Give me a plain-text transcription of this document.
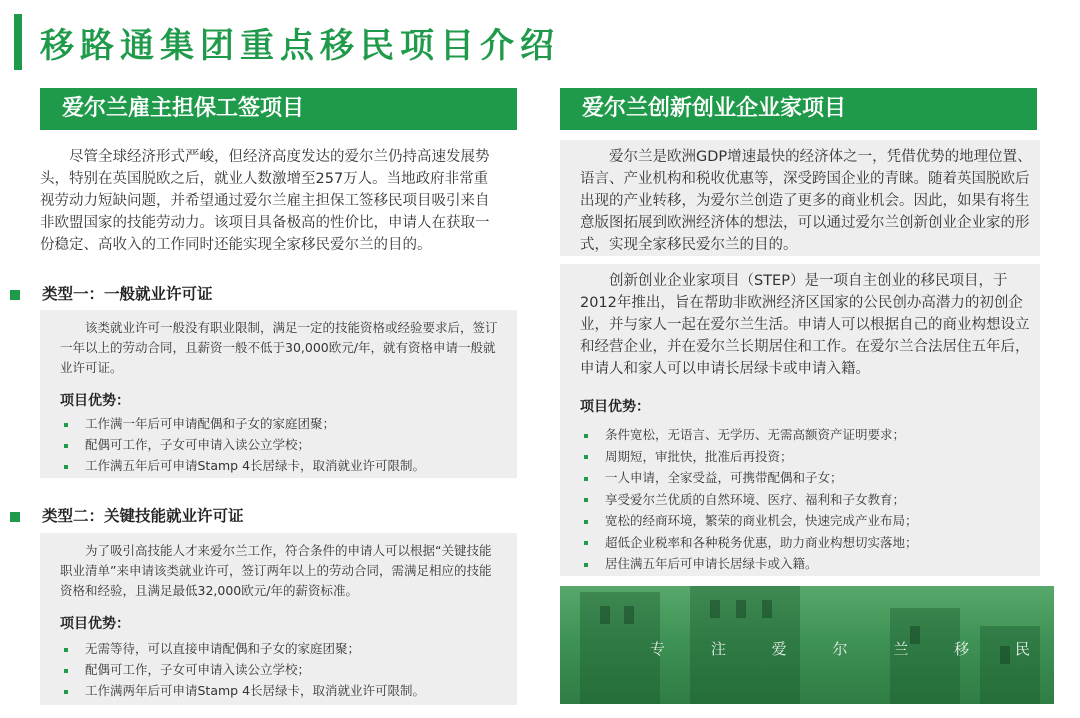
移路通集团重点移民项目介绍
爱尔兰雇主担保工签项目

尽管全球经济形式严峻，但经济高度发达的爱尔兰仍持高速发展势头，特别在英国脱欧之后，就业人数激增至257万人。当地政府非常重视劳动力短缺问题，并希望通过爱尔兰雇主担保工签移民项目吸引来自非欧盟国家的技能劳动力。该项目具备极高的性价比，申请人在获取一份稳定、高收入的工作同时还能实现全家移民爱尔兰的目的。

类型一：一般就业许可证

该类就业许可一般没有职业限制，满足一定的技能资格或经验要求后，签订一年以上的劳动合同，且薪资一般不低于30,000欧元/年，就有资格申请一般就业许可证。

项目优势：
工作满一年后可申请配偶和子女的家庭团聚；
配偶可工作，子女可申请入读公立学校；
工作满五年后可申请Stamp 4长居绿卡，取消就业许可限制。
类型二：关键技能就业许可证

为了吸引高技能人才来爱尔兰工作，符合条件的申请人可以根据“关键技能职业清单”来申请该类就业许可，签订两年以上的劳动合同，需满足相应的技能资格和经验，且满足最低32,000欧元/年的薪资标准。

项目优势：
无需等待，可以直接申请配偶和子女的家庭团聚；
配偶可工作，子女可申请入读公立学校；
工作满两年后可申请Stamp 4长居绿卡，取消就业许可限制。
爱尔兰创新创业企业家项目

爱尔兰是欧洲GDP增速最快的经济体之一，凭借优势的地理位置、语言、产业机构和税收优惠等，深受跨国企业的青睐。随着英国脱欧后出现的产业转移，为爱尔兰创造了更多的商业机会。因此，如果有将生意版图拓展到欧洲经济体的想法，可以通过爱尔兰创新创业企业家的形式，实现全家移民爱尔兰的目的。

创新创业企业家项目（STEP）是一项自主创业的移民项目，于2012年推出，旨在帮助非欧洲经济区国家的公民创办高潜力的初创企业，并与家人一起在爱尔兰生活。申请人可以根据自己的商业构想设立和经营企业，并在爱尔兰长期居住和工作。在爱尔兰合法居住五年后，申请人和家人可以申请长居绿卡或申请入籍。

项目优势：
条件宽松，无语言、无学历、无需高额资产证明要求；
周期短，审批快，批准后再投资；
一人申请，全家受益，可携带配偶和子女；
享受爱尔兰优质的自然环境、医疗、福利和子女教育；
宽松的经商环境，繁荣的商业机会，快速完成产业布局；
超低企业税率和各种税务优惠，助力商业构想切实落地；
居住满五年后可申请长居绿卡或入籍。
专	注	爱	尔	兰	移	民
